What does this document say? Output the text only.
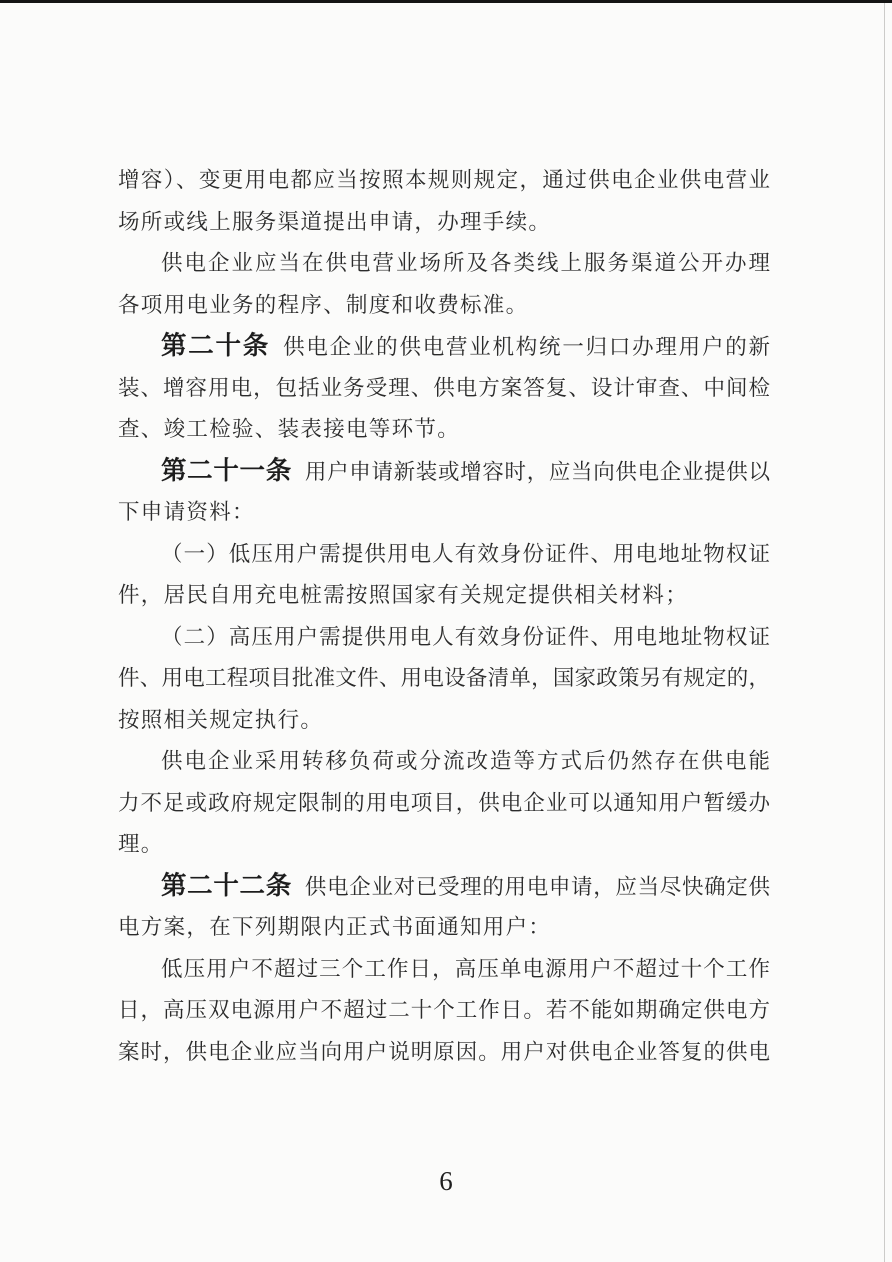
增容）、变更用电都应当按照本规则规定，通过供电企业供电营业
场所或线上服务渠道提出申请，办理手续。
供电企业应当在供电营业场所及各类线上服务渠道公开办理
各项用电业务的程序、制度和收费标准。
第二十条 供电企业的供电营业机构统一归口办理用户的新
装、增容用电，包括业务受理、供电方案答复、设计审查、中间检
查、竣工检验、装表接电等环节。
第二十一条 用户申请新装或增容时，应当向供电企业提供以
下申请资料：
（一）低压用户需提供用电人有效身份证件、用电地址物权证
件，居民自用充电桩需按照国家有关规定提供相关材料；
（二）高压用户需提供用电人有效身份证件、用电地址物权证
件、用电工程项目批准文件、用电设备清单，国家政策另有规定的，
按照相关规定执行。
供电企业采用转移负荷或分流改造等方式后仍然存在供电能
力不足或政府规定限制的用电项目，供电企业可以通知用户暂缓办
理。
第二十二条 供电企业对已受理的用电申请，应当尽快确定供
电方案，在下列期限内正式书面通知用户：
低压用户不超过三个工作日，高压单电源用户不超过十个工作
日，高压双电源用户不超过二十个工作日。若不能如期确定供电方
案时，供电企业应当向用户说明原因。用户对供电企业答复的供电
6
